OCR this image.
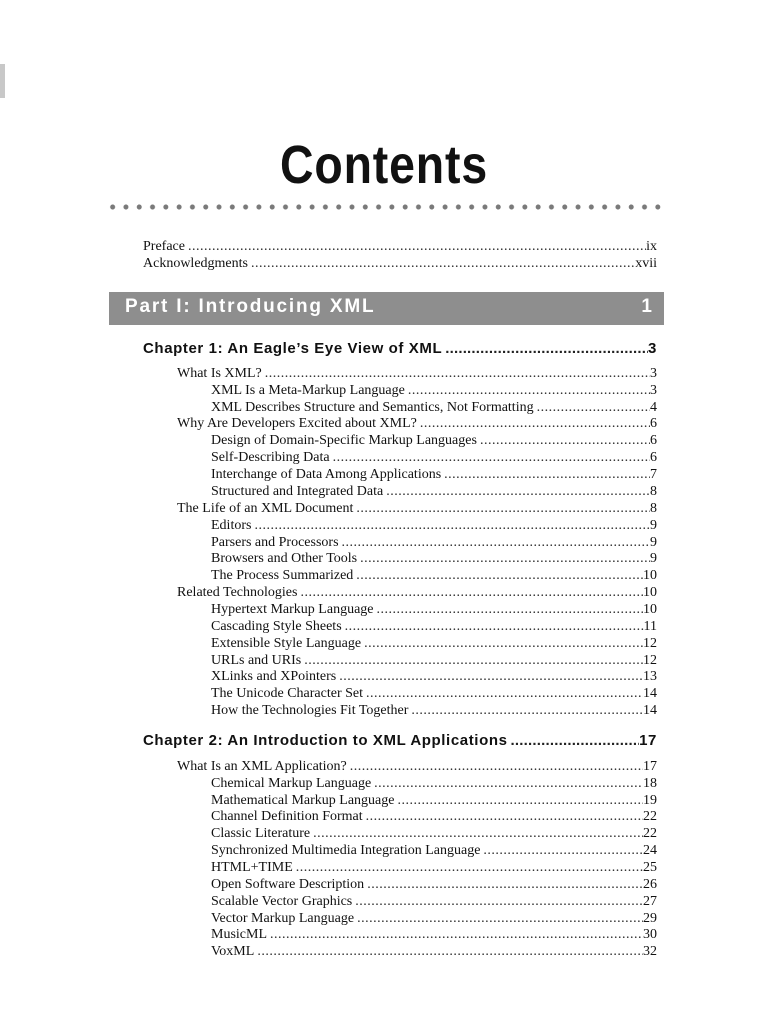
Contents
Preface .....	ix
Acknowledgments .....	xvii
Part I: Introducing XML	1
Chapter 1: An Eagle’s Eye View of XML .....	3
What Is XML? .....	3
XML Is a Meta-Markup Language .....	3
XML Describes Structure and Semantics, Not Formatting .....	4
Why Are Developers Excited about XML? .....	6
Design of Domain-Specific Markup Languages .....	6
Self-Describing Data .....	6
Interchange of Data Among Applications .....	7
Structured and Integrated Data .....	8
The Life of an XML Document .....	8
Editors .....	9
Parsers and Processors .....	9
Browsers and Other Tools .....	9
The Process Summarized .....	10
Related Technologies .....	10
Hypertext Markup Language .....	10
Cascading Style Sheets .....	11
Extensible Style Language .....	12
URLs and URIs .....	12
XLinks and XPointers .....	13
The Unicode Character Set .....	14
How the Technologies Fit Together .....	14
Chapter 2: An Introduction to XML Applications .....	17
What Is an XML Application? .....	17
Chemical Markup Language .....	18
Mathematical Markup Language .....	19
Channel Definition Format .....	22
Classic Literature .....	22
Synchronized Multimedia Integration Language .....	24
HTML+TIME .....	25
Open Software Description .....	26
Scalable Vector Graphics .....	27
Vector Markup Language .....	29
MusicML .....	30
VoxML .....	32
